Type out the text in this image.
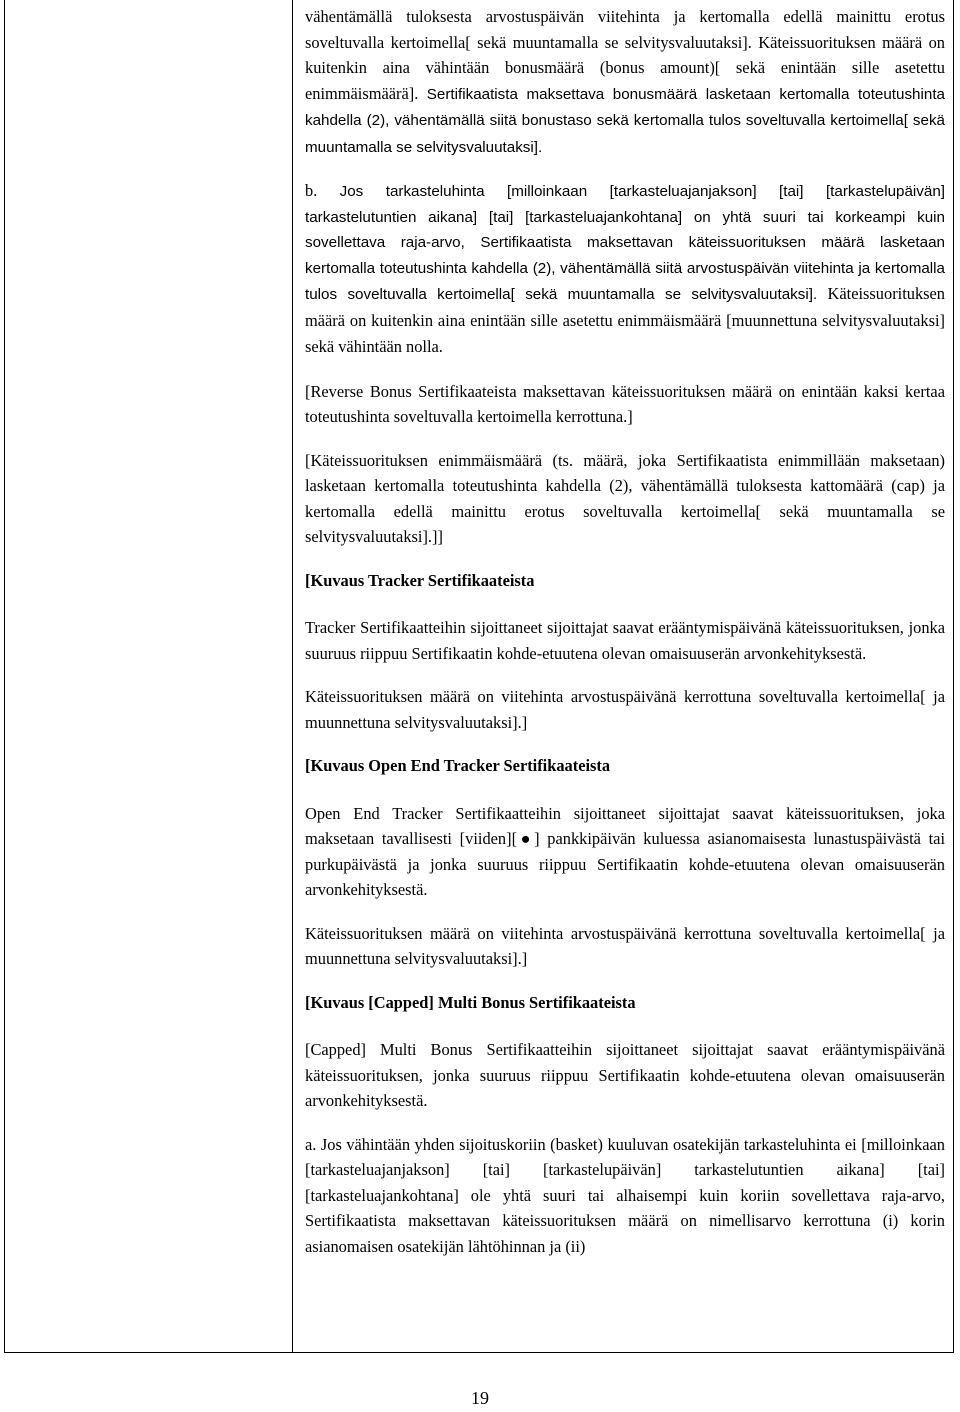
vähentämällä tuloksesta arvostuspäivän viitehinta ja kertomalla edellä mainittu erotus soveltuvalla kertoimella[ sekä muuntamalla se selvitysvaluutaksi]. Käteissuorituksen määrä on kuitenkin aina vähintään bonusmäärä (bonus amount)[ sekä enintään sille asetettu enimmäismäärä]. Sertifikaatista maksettava bonusmäärä lasketaan kertomalla toteutushinta kahdella (2), vähentämällä siitä bonustaso sekä kertomalla tulos soveltuvalla kertoimella[ sekä muuntamalla se selvitysvaluutaksi].

b. Jos tarkasteluhinta [milloinkaan [tarkasteluajanjakson] [tai] [tarkastelupäivän] tarkastelutuntien aikana] [tai] [tarkasteluajankohtana] on yhtä suuri tai korkeampi kuin sovellettava raja-arvo, Sertifikaatista maksettavan käteissuorituksen määrä lasketaan kertomalla toteutushinta kahdella (2), vähentämällä siitä arvostuspäivän viitehinta ja kertomalla tulos soveltuvalla kertoimella[ sekä muuntamalla se selvitysvaluutaksi]. Käteissuorituksen määrä on kuitenkin aina enintään sille asetettu enimmäismäärä [muunnettuna selvitysvaluutaksi] sekä vähintään nolla.

[Reverse Bonus Sertifikaateista maksettavan käteissuorituksen määrä on enintään kaksi kertaa toteutushinta soveltuvalla kertoimella kerrottuna.]

[Käteissuorituksen enimmäismäärä (ts. määrä, joka Sertifikaatista enimmillään maksetaan) lasketaan kertomalla toteutushinta kahdella (2), vähentämällä tuloksesta kattomäärä (cap) ja kertomalla edellä mainittu erotus soveltuvalla kertoimella[ sekä muuntamalla se selvitysvaluutaksi].]]

[Kuvaus Tracker Sertifikaateista

Tracker Sertifikaatteihin sijoittaneet sijoittajat saavat erääntymispäivänä käteissuorituksen, jonka suuruus riippuu Sertifikaatin kohde-etuutena olevan omaisuuserän arvonkehityksestä.

Käteissuorituksen määrä on viitehinta arvostuspäivänä kerrottuna soveltuvalla kertoimella[ ja muunnettuna selvitysvaluutaksi].]

[Kuvaus Open End Tracker Sertifikaateista

Open End Tracker Sertifikaatteihin sijoittaneet sijoittajat saavat käteissuorituksen, joka maksetaan tavallisesti [viiden][●] pankkipäivän kuluessa asianomaisesta lunastuspäivästä tai purkupäivästä ja jonka suuruus riippuu Sertifikaatin kohde-etuutena olevan omaisuuserän arvonkehityksestä.

Käteissuorituksen määrä on viitehinta arvostuspäivänä kerrottuna soveltuvalla kertoimella[ ja muunnettuna selvitysvaluutaksi].]

[Kuvaus [Capped] Multi Bonus Sertifikaateista

[Capped] Multi Bonus Sertifikaatteihin sijoittaneet sijoittajat saavat erääntymispäivänä käteissuorituksen, jonka suuruus riippuu Sertifikaatin kohde-etuutena olevan omaisuuserän arvonkehityksestä.

a. Jos vähintään yhden sijoituskoriin (basket) kuuluvan osatekijän tarkasteluhinta ei [milloinkaan [tarkasteluajanjakson] [tai] [tarkastelupäivän] tarkastelutuntien aikana] [tai] [tarkasteluajankohtana] ole yhtä suuri tai alhaisempi kuin koriin sovellettava raja-arvo, Sertifikaatista maksettavan käteissuorituksen määrä on nimellisarvo kerrottuna (i) korin asianomaisen osatekijän lähtöhinnan ja (ii)

19
